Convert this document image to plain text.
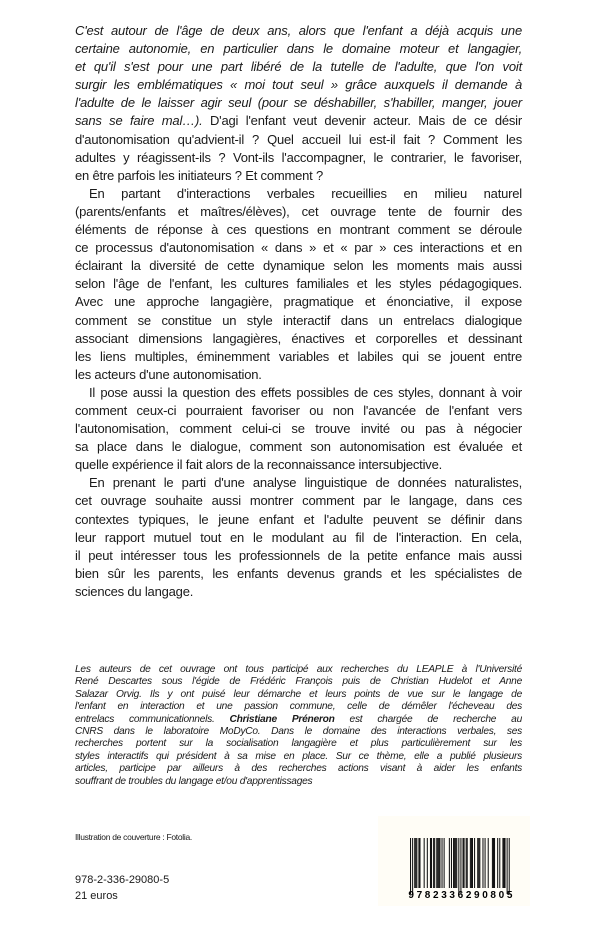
C'est autour de l'âge de deux ans, alors que l'enfant a déjà acquis une
certaine autonomie, en particulier dans le domaine moteur et langagier,
et qu'il s'est pour une part libéré de la tutelle de l'adulte, que l'on voit
surgir les emblématiques « moi tout seul » grâce auxquels il demande à
l'adulte de le laisser agir seul (pour se déshabiller, s'habiller, manger, jouer
sans se faire mal…). D'agi l'enfant veut devenir acteur. Mais de ce désir
d'autonomisation qu'advient-il ? Quel accueil lui est-il fait ? Comment les
adultes y réagissent-ils ? Vont-ils l'accompagner, le contrarier, le favoriser,
en être parfois les initiateurs ? Et comment ?
En partant d'interactions verbales recueillies en milieu naturel
(parents/enfants et maîtres/élèves), cet ouvrage tente de fournir des
éléments de réponse à ces questions en montrant comment se déroule
ce processus d'autonomisation « dans » et « par » ces interactions et en
éclairant la diversité de cette dynamique selon les moments mais aussi
selon l'âge de l'enfant, les cultures familiales et les styles pédagogiques.
Avec une approche langagière, pragmatique et énonciative, il expose
comment se constitue un style interactif dans un entrelacs dialogique
associant dimensions langagières, énactives et corporelles et dessinant
les liens multiples, éminemment variables et labiles qui se jouent entre
les acteurs d'une autonomisation.
Il pose aussi la question des effets possibles de ces styles, donnant à voir
comment ceux-ci pourraient favoriser ou non l'avancée de l'enfant vers
l'autonomisation, comment celui-ci se trouve invité ou pas à négocier
sa place dans le dialogue, comment son autonomisation est évaluée et
quelle expérience il fait alors de la reconnaissance intersubjective.
En prenant le parti d'une analyse linguistique de données naturalistes,
cet ouvrage souhaite aussi montrer comment par le langage, dans ces
contextes typiques, le jeune enfant et l'adulte peuvent se définir dans
leur rapport mutuel tout en le modulant au fil de l'interaction. En cela,
il peut intéresser tous les professionnels de la petite enfance mais aussi
bien sûr les parents, les enfants devenus grands et les spécialistes de
sciences du langage.
Les auteurs de cet ouvrage ont tous participé aux recherches du LEAPLE à l'Université
René Descartes sous l'égide de Frédéric François puis de Christian Hudelot et Anne
Salazar Orvig. Ils y ont puisé leur démarche et leurs points de vue sur le langage de
l'enfant en interaction et une passion commune, celle de démêler l'écheveau des
entrelacs communicationnels. Christiane Préneron est chargée de recherche au
CNRS dans le laboratoire MoDyCo. Dans le domaine des interactions verbales, ses
recherches portent sur la socialisation langagière et plus particulièrement sur les
styles interactifs qui président à sa mise en place. Sur ce thème, elle a publié plusieurs
articles, participe par ailleurs à des recherches actions visant à aider les enfants
souffrant de troubles du langage et/ou d'apprentissages
Illustration de couverture : Fotolia.
978-2-336-29080-5
21 euros	9782336290805
